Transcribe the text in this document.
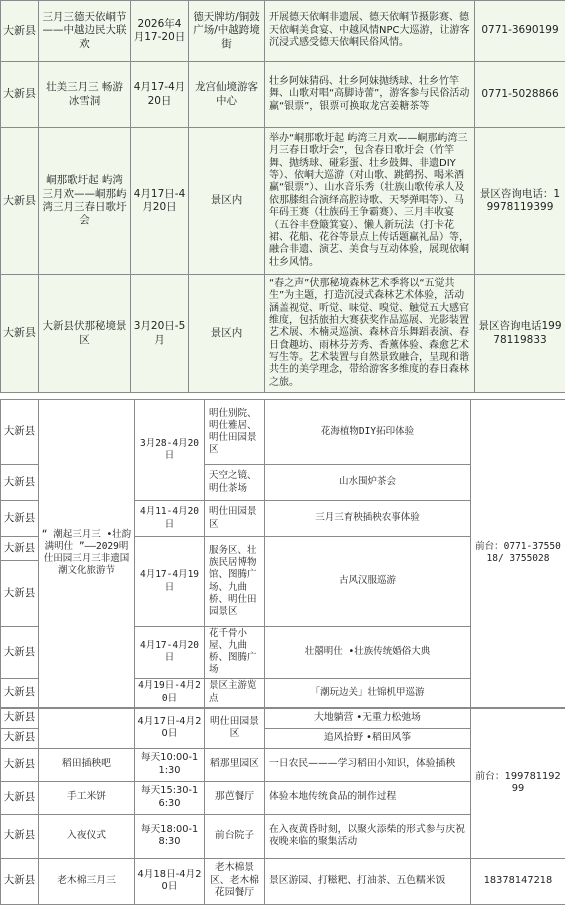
大新县	三月三德天依峒节——中越边民大联欢	2026年4月17-20日	德天牌坊/铜鼓广场/中越跨境街	开展德天依峒非遗展、德天依峒节摄影赛、德天依峒美食宴、中越风情NPC大巡游，让游客沉浸式感受德天依峒民俗风情。	0771-3690199
大新县	壮美三月三 畅游冰雪洞	4月17-4月20日	龙宫仙境游客中心	壮乡阿妹猜码、壮乡阿妹抛绣球、壮乡竹竿舞、山歌对唱“高脚诗蕾”，游客参与民俗活动赢“银票”，银票可换取龙宫姜糖茶等	0771-5028866
大新县	峒那歌圩起 屿湾三月欢——峒那屿湾三月三春日歌圩会	4月17日-4月20日	景区内	举办“峒那歌圩起 屿湾三月欢——峒那屿湾三月三春日歌圩会”，包含春日歌圩会（竹竿舞、抛绣球、碰彩蛋、壮乡鼓舞、非遗DIY等）、依峒大巡游（对山歌、跳鹤拐、喝米酒赢“银票”）、山水音乐秀（壮族山歌传承人及依那膝组合演绎高腔诗歌、天琴弹唱等）、马年码王赛（壮族码王争霸赛）、三月丰收宴（五谷丰登簸箕宴）、懒人新玩法（打卡花裙、花船、花谷等景点上传话题赢礼品）等，融合非遗、演艺、美食与互动体验，展现依峒壮乡风情。	景区咨询电话：19978119399
大新县	大新县伏那秘境景区	3月20日-5月	景区内	“春之声”伏那秘境森林艺术季将以“五觉共生”为主题，打造沉浸式森林艺术体验，活动涵盖视觉、听觉、味觉、嗅觉、触觉五大感官维度，包括旅拍大赛获奖作品巡展、光影装置艺术展、木楠灵巡演、森林音乐舞蹈表演、春日食趣坊、雨林芬芳秀、香薰体验、森愈艺术写生等。艺术装置与自然景致融合，呈现和谐共生的美学理念，带给游客多维度的春日森林之旅。	景区咨询电话19978119833
大新县	“ 潮起三月三 •壮韵满明仕 ”——2029明仕田园三月三非遗国潮文化旅游节	3月28-4月20日	明仕别院、明仕雅居、明仕田园景区	花海植物DIY拓印体验	前台：0771-3755018/ 3755028
大新县			天空之镜、明仕茶场	山水围炉茶会	
大新县		4月11-4月20日	明仕田园景区	三月三育秧插秧农事体验	
大新县		4月17-4月19日	服务区、壮族民居博物馆、图腾广场、九曲桥、明仕田园景区	古风汉服巡游	
大新县					
大新县		4月17-4月20日	花千骨小屋、九曲桥、图腾广场	壮囍明仕 •壮族传统婚俗大典	
大新县		4月19日-4月20日	景区主游览点	「潮玩边关」壮锦机甲巡游	
大新县		4月17日-4月20日	明仕田园景区	大地躺营 •无重力松弛场	前台：19978119299
大新县				追风拾野 •稻田风筝	
大新县	稻田插秧吧	每天10:00-11:30	稻那里园区	一日农民———学习稻田小知识，体验插秧	
大新县	手工米饼	每天15:30-16:30	那芭餐厅	体验本地传统食品的制作过程	
大新县	入夜仪式	每天18:00-18:30	前台院子	在入夜黄昏时刻，以聚火添柴的形式参与庆祝夜晚来临的聚集活动	
大新县	老木棉三月三	4月18日-4月20日	老木棉景区、老木棉花园餐厅	景区游园、打糍粑、打油茶、五色糯米饭	18378147218
